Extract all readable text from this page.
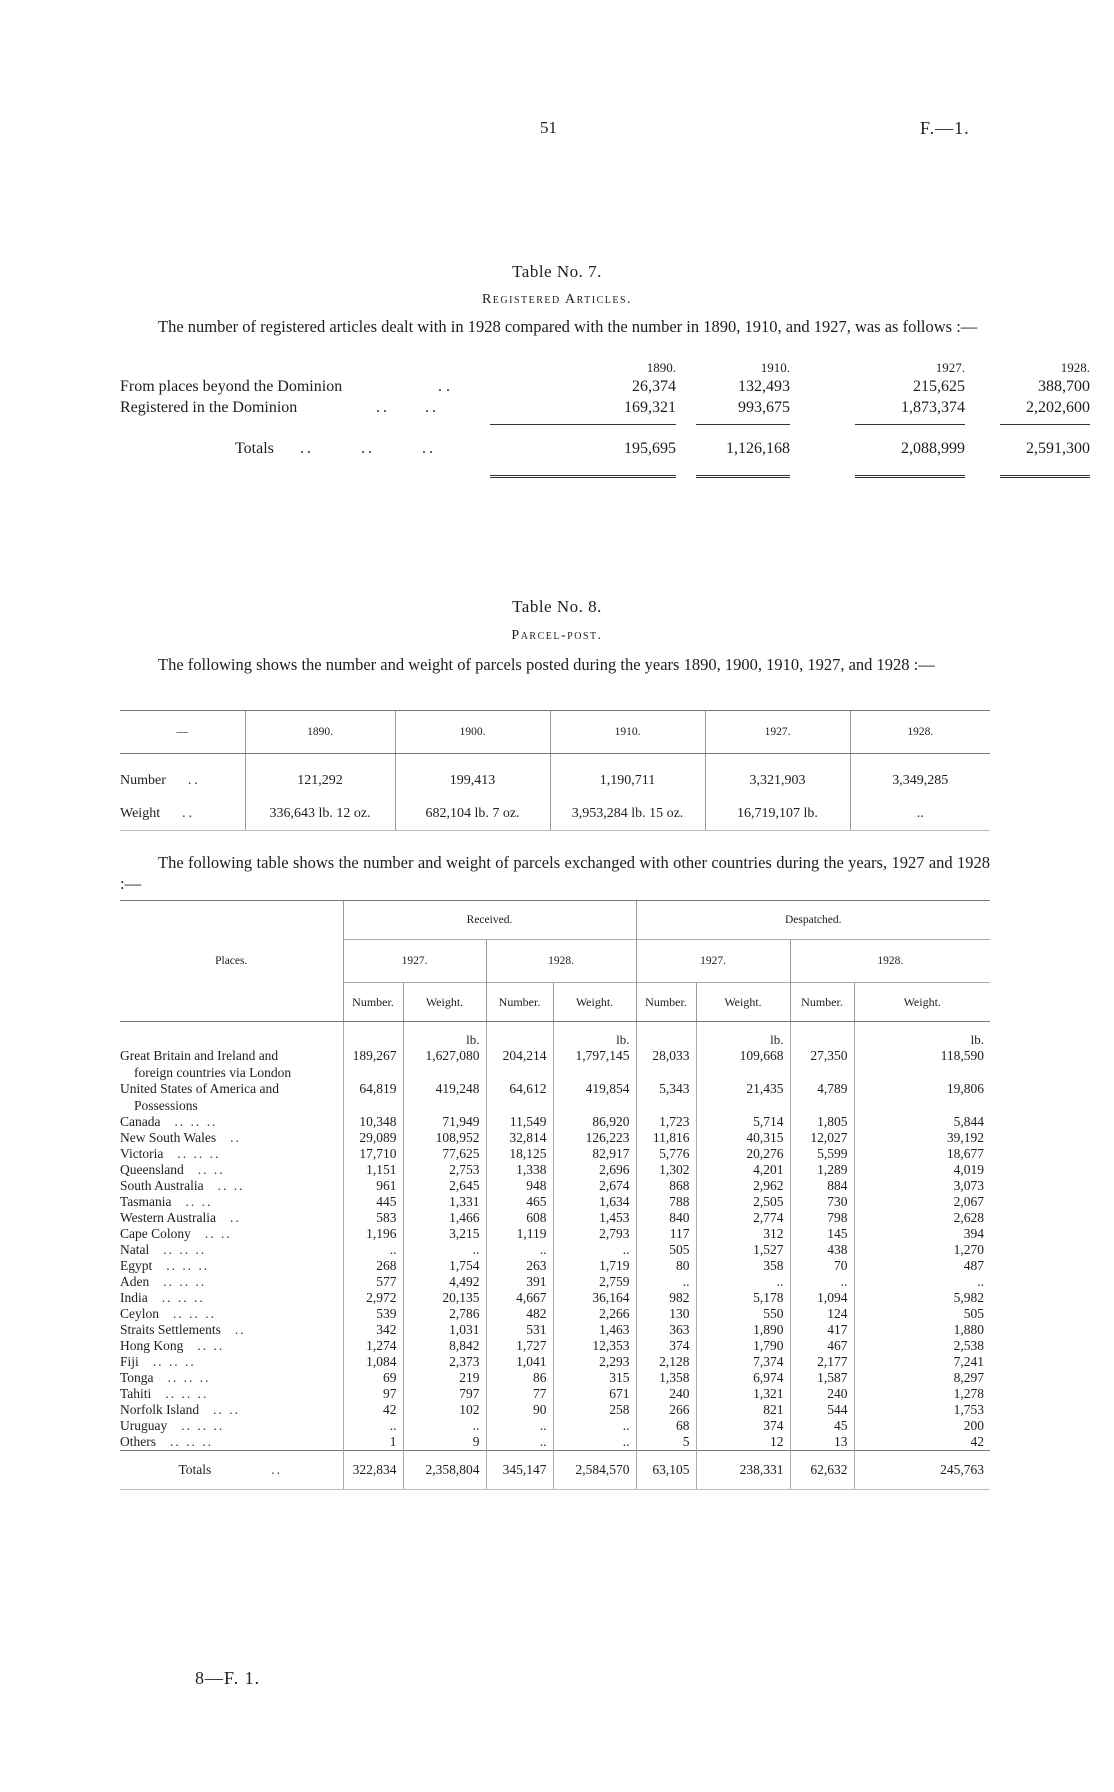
51	F.—1.
Table No. 7.
Registered Articles.
The number of registered articles dealt with in 1928 compared with the number in 1890, 1910, and 1927, was as follows :—
1890.	1910.	1927.	1928.
From places beyond the Dominion	..	26,374	132,493	215,625	388,700
Registered in the Dominion	.. ..	169,321	993,675	1,873,374	2,202,600
Totals .. .. ..	195,695	1,126,168	2,088,999	2,591,300
Table No. 8.
Parcel-post.
The following shows the number and weight of parcels posted during the years 1890, 1900, 1910, 1927, and 1928 :—
—	1890.	1900.	1910.	1927.	1928.
Number ..	121,292	199,413	1,190,711	3,321,903	3,349,285
Weight ..	336,643 lb. 12 oz.	682,104 lb. 7 oz.	3,953,284 lb. 15 oz.	16,719,107 lb.	..
The following table shows the number and weight of parcels exchanged with other countries during the years, 1927 and 1928 :—
Places.	Received.				Despatched.			
	1927.		1928.		1927.		1928.	
	Number.	Weight.	Number.	Weight.	Number.	Weight.	Number.	Weight.
		lb.		lb.		lb.		lb.
Great Britain and Ireland and	189,267	1,627,080	204,214	1,797,145	28,033	109,668	27,350	118,590
foreign countries via London								
United States of America and	64,819	419,248	64,612	419,854	5,343	21,435	4,789	19,806
Possessions								
Canada .. .. ..	10,348	71,949	11,549	86,920	1,723	5,714	1,805	5,844
New South Wales ..	29,089	108,952	32,814	126,223	11,816	40,315	12,027	39,192
Victoria .. .. ..	17,710	77,625	18,125	82,917	5,776	20,276	5,599	18,677
Queensland .. ..	1,151	2,753	1,338	2,696	1,302	4,201	1,289	4,019
South Australia .. ..	961	2,645	948	2,674	868	2,962	884	3,073
Tasmania .. ..	445	1,331	465	1,634	788	2,505	730	2,067
Western Australia ..	583	1,466	608	1,453	840	2,774	798	2,628
Cape Colony .. ..	1,196	3,215	1,119	2,793	117	312	145	394
Natal .. .. ..	..	..	..	..	505	1,527	438	1,270
Egypt .. .. ..	268	1,754	263	1,719	80	358	70	487
Aden .. .. ..	577	4,492	391	2,759	..	..	..	..
India .. .. ..	2,972	20,135	4,667	36,164	982	5,178	1,094	5,982
Ceylon .. .. ..	539	2,786	482	2,266	130	550	124	505
Straits Settlements ..	342	1,031	531	1,463	363	1,890	417	1,880
Hong Kong .. ..	1,274	8,842	1,727	12,353	374	1,790	467	2,538
Fiji .. .. ..	1,084	2,373	1,041	2,293	2,128	7,374	2,177	7,241
Tonga .. .. ..	69	219	86	315	1,358	6,974	1,587	8,297
Tahiti .. .. ..	97	797	77	671	240	1,321	240	1,278
Norfolk Island .. ..	42	102	90	258	266	821	544	1,753
Uruguay .. .. ..	..	..	..	..	68	374	45	200
Others .. .. ..	1	9	..	..	5	12	13	42
Totals ..	322,834	2,358,804	345,147	2,584,570	63,105	238,331	62,632	245,763
8—F. 1.
